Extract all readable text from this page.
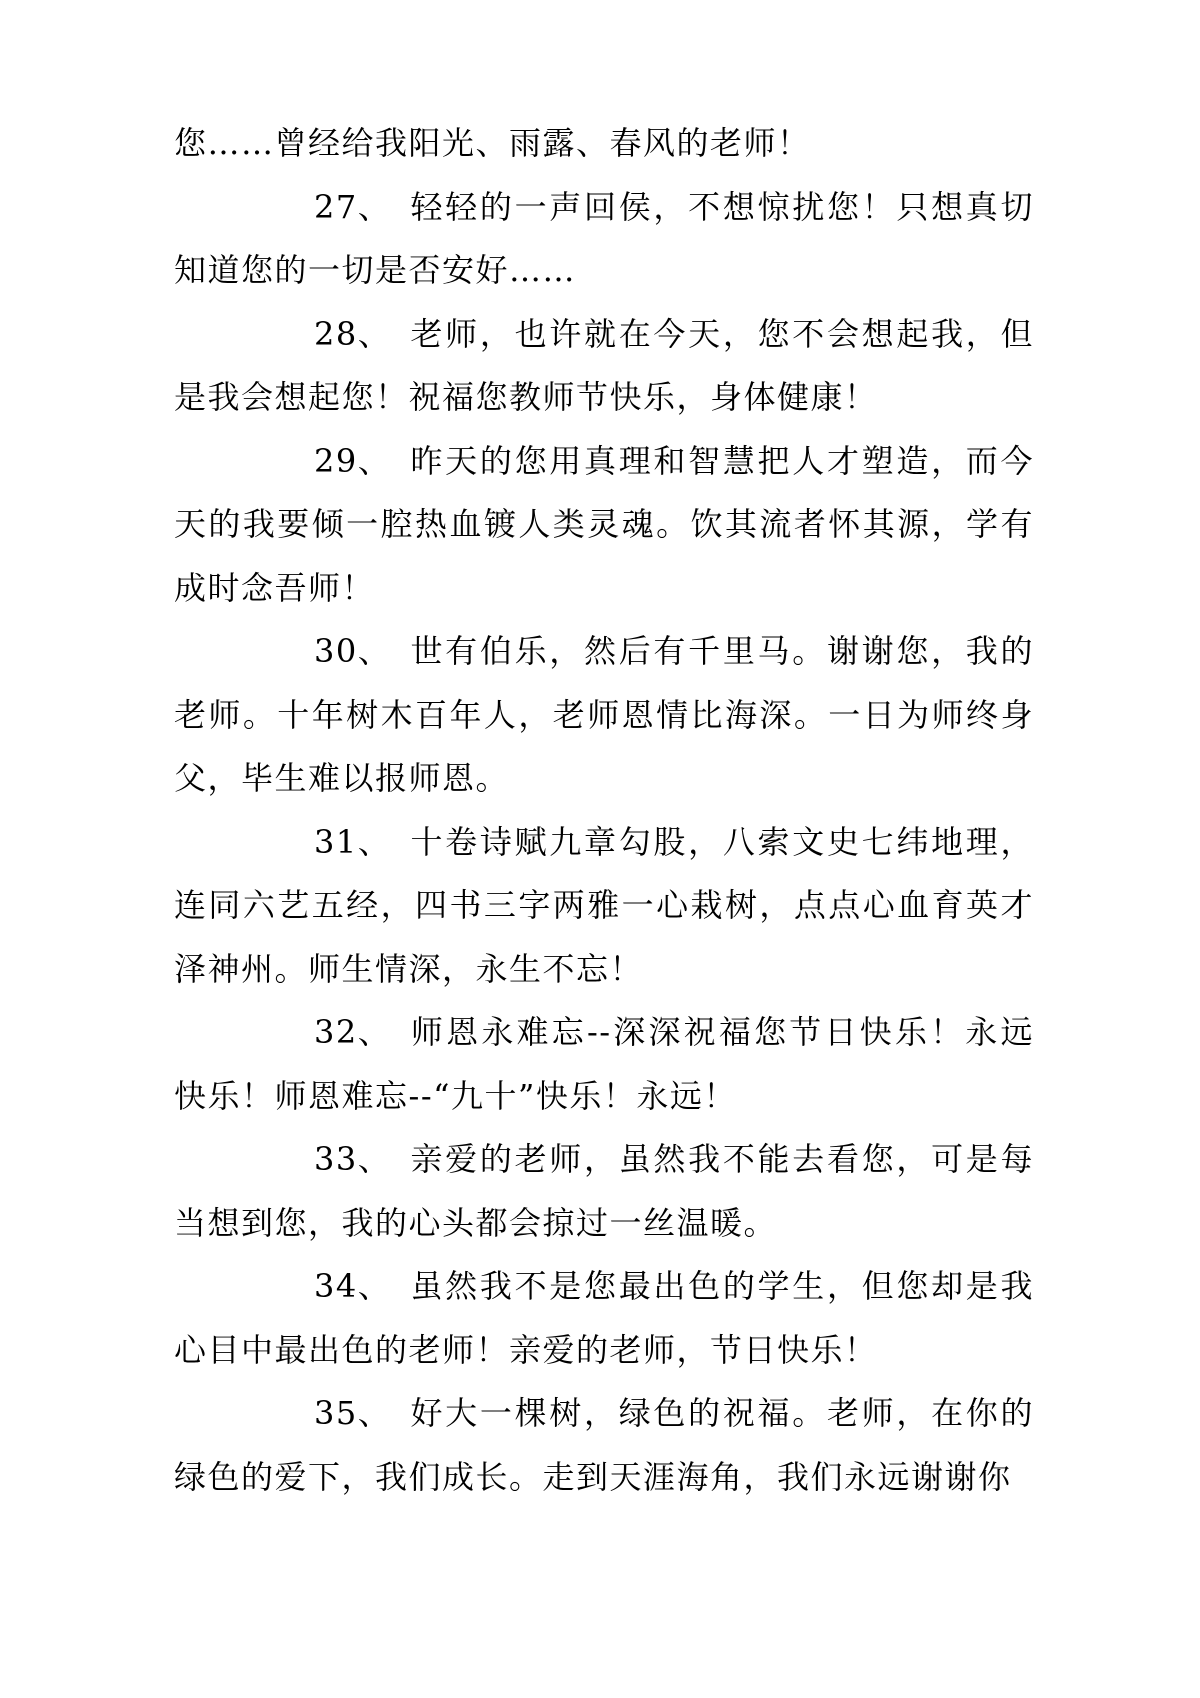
您……曾经给我阳光、雨露、春风的老师！

27、 轻轻的一声回侯，不想惊扰您！只想真切知道您的一切是否安好……

28、 老师，也许就在今天，您不会想起我，但是我会想起您！祝福您教师节快乐，身体健康！

29、 昨天的您用真理和智慧把人才塑造，而今天的我要倾一腔热血镀人类灵魂。饮其流者怀其源，学有成时念吾师！

30、 世有伯乐，然后有千里马。谢谢您，我的老师。十年树木百年人，老师恩情比海深。一日为师终身父，毕生难以报师恩。

31、 十卷诗赋九章勾股，八索文史七纬地理，连同六艺五经，四书三字两雅一心栽树，点点心血育英才泽神州。师生情深，永生不忘！

32、 师恩永难忘--深深祝福您节日快乐！永远快乐！师恩难忘--“九十”快乐！永远！

33、 亲爱的老师，虽然我不能去看您，可是每当想到您，我的心头都会掠过一丝温暖。

34、 虽然我不是您最出色的学生，但您却是我心目中最出色的老师！亲爱的老师，节日快乐！

35、 好大一棵树，绿色的祝福。老师，在你的绿色的爱下，我们成长。走到天涯海角，我们永远谢谢你
